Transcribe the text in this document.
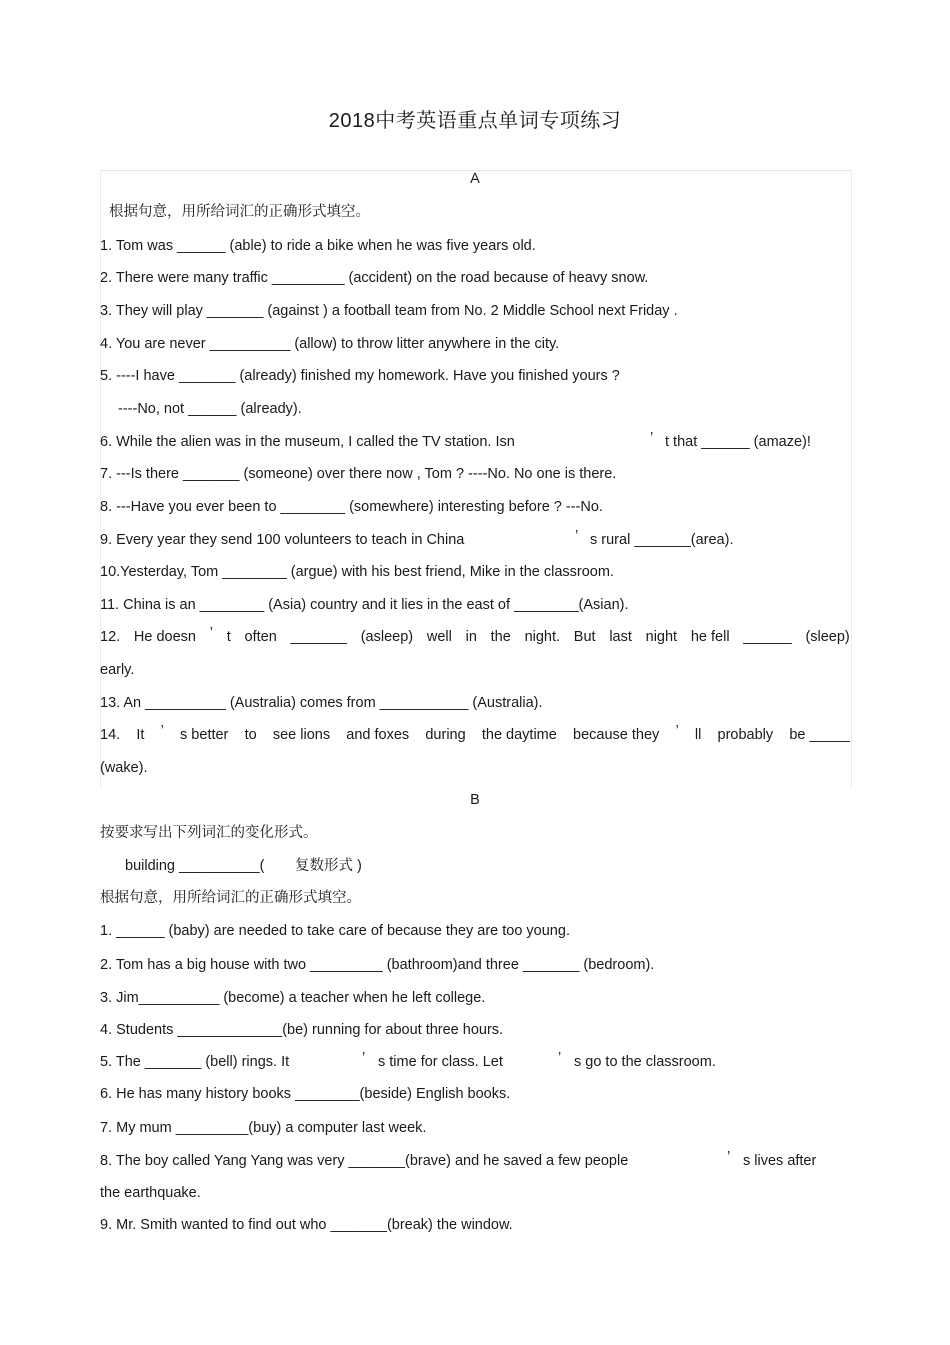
2018中考英语重点单词专项练习
A
根据句意，用所给词汇的正确形式填空。
1. Tom was ______ (able) to ride a bike when he was five years old.
2. There were many traffic _________ (accident) on the road because of heavy snow.
3. They will play _______ (against ) a football team from No. 2 Middle School next Friday .
4. You are never __________ (allow) to throw litter anywhere in the city.
5. ----I have _______ (already) finished my homework. Have you finished yours ?
----No, not ______ (already).
6. While the alien was in the museum, I called the TV station. Isn	’ t that ______ (amaze)!
7. ---Is there _______ (someone) over there now , Tom ? ----No. No one is there.
8. ---Have you ever been to ________ (somewhere) interesting before ? ---No.
9. Every year they send 100 volunteers to teach in China	’ s rural _______(area).
10.Yesterday, Tom ________ (argue) with his best friend, Mike in the classroom.
11. China is an ________ (Asia) country and it lies in the east of ________(Asian).
12. He doesn ’ t often _______ (asleep) well in the night. But last night he fell ______ (sleep)
early.
13. An __________ (Australia) comes from ___________ (Australia).
14. It ’ s better to see lions and foxes during the daytime because they ’ ll probably be _____
(wake).
B
按要求写出下列词汇的变化形式。
building __________( 复数形式 )
根据句意，用所给词汇的正确形式填空。
1. ______ (baby) are needed to take care of because they are too young.
2. Tom has a big house with two _________ (bathroom)and three _______ (bedroom).
3. Jim__________ (become) a teacher when he left college.
4. Students _____________(be) running for about three hours.
5. The _______ (bell) rings. It	’ s time for class. Let	’ s go to the classroom.
6. He has many history books ________(beside) English books.
7. My mum _________(buy) a computer last week.
8. The boy called Yang Yang was very _______(brave) and he saved a few people	’ s lives after
the earthquake.
9. Mr. Smith wanted to find out who _______(break) the window.
